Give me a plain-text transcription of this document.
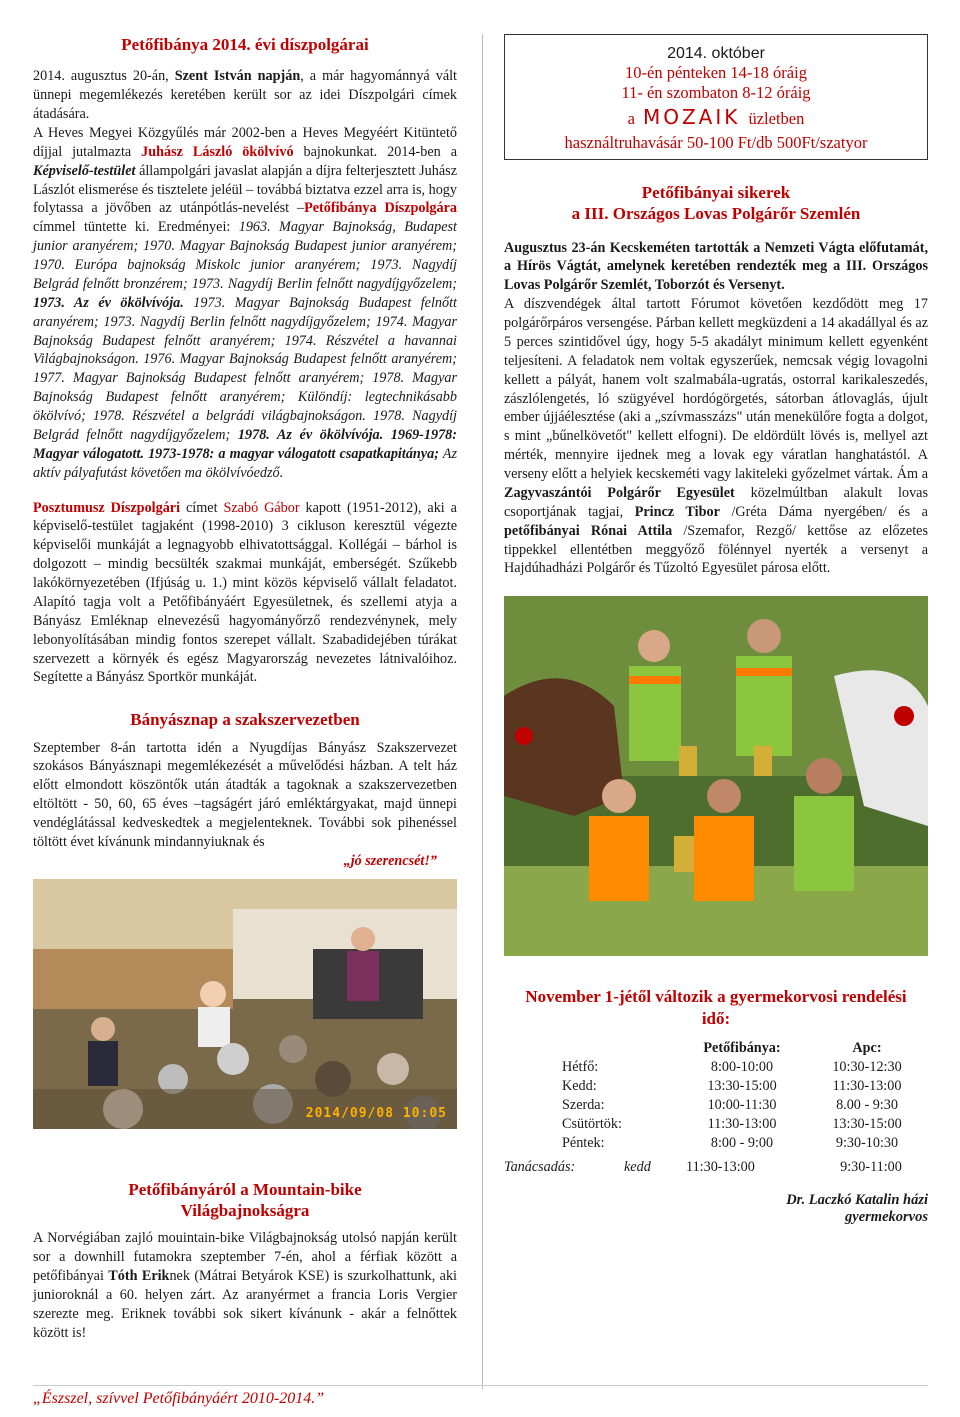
Petőfibánya 2014. évi díszpolgárai

2014. augusztus 20-án, Szent István napján, a már hagyománnyá vált ünnepi megemlékezés keretében került sor az idei Díszpolgári címek átadására.

A Heves Megyei Közgyűlés már 2002-ben a Heves Megyéért Kitüntető díjjal jutalmazta Juhász László ökölvívó bajnokunkat. 2014-ben a Képviselő-testület állampolgári javaslat alapján a díjra felterjesztett Juhász Lászlót elismerése és tisztelete jeléül – továbbá biztatva ezzel arra is, hogy folytassa a jövőben az utánpótlás-nevelést –Petőfibánya Díszpolgára címmel tüntette ki. Eredményei: 1963. Magyar Bajnokság, Budapest junior aranyérem; 1970. Magyar Bajnokság Budapest junior aranyérem; 1970. Európa bajnokság Miskolc junior aranyérem; 1973. Nagydíj Belgrád felnőtt bronzérem; 1973. Nagydíj Berlin felnőtt nagydíjgyőzelem; 1973. Az év ökölvívója. 1973. Magyar Bajnokság Budapest felnőtt aranyérem; 1973. Nagydíj Berlin felnőtt nagydíjgyőzelem; 1974. Magyar Bajnokság Budapest felnőtt aranyérem; 1974. Részvétel a havannai Világbajnokságon. 1976. Magyar Bajnokság Budapest felnőtt aranyérem; 1977. Magyar Bajnokság Budapest felnőtt aranyérem; 1978. Magyar Bajnokság Budapest felnőtt aranyérem; Különdíj: legtechnikásabb ökölvívó; 1978. Részvétel a belgrádi világbajnokságon. 1978. Nagydíj Belgrád felnőtt nagydíjgyőzelem; 1978. Az év ökölvívója. 1969-1978: Magyar válogatott. 1973-1978: a magyar válogatott csapatkapitánya; Az aktív pályafutást követően ma ökölvívóedző.

Posztumusz Díszpolgári címet Szabó Gábor kapott (1951-2012), aki a képviselő-testület tagjaként (1998-2010) 3 cikluson keresztül végezte képviselői munkáját a legnagyobb elhivatottsággal. Kollégái – bárhol is dolgozott – mindig becsülték szakmai munkáját, emberségét. Szűkebb lakókörnyezetében (Ifjúság u. 1.) mint közös képviselő vállalt feladatot. Alapító tagja volt a Petőfibányáért Egyesületnek, és szellemi atyja a Bányász Emléknap elnevezésű hagyományőrző rendezvénynek, mely lebonyolításában mindig fontos szerepet vállalt. Szabadidejében túrákat szervezett a környék és egész Magyarország nevezetes látnivalóihoz. Segítette a Bányász Sportkör munkáját.

Bányásznap a szakszervezetben

Szeptember 8-án tartotta idén a Nyugdíjas Bányász Szakszervezet szokásos Bányásznapi megemlékezését a művelődési házban. A telt ház előtt elmondott köszöntők után átadták a tagoknak a szakszervezetben eltöltött - 50, 60, 65 éves –tagságért járó emléktárgyakat, majd ünnepi vendéglátással kedveskedtek a megjelenteknek. További sok pihenéssel töltött évet kívánunk mindannyiuknak és

„jó szerencsét!”

2014/09/08 10:05
Petőfibányáról a Mountain-bike Világbajnokságra

A Norvégiában zajló mouintain-bike Világbajnokság utolsó napján került sor a downhill futamokra szeptember 7-én, ahol a férfiak között a petőfibányai Tóth Eriknek (Mátrai Betyárok KSE) is szurkolhattunk, aki junioroknál a 60. helyen zárt. Az aranyérmet a francia Loris Vergier szerezte meg. Eriknek további sok sikert kívánunk - akár a felnőttek között is!

2014. október
10-én pénteken 14-18 óráig
11- én szombaton 8-12 óráig
a MOZAIK üzletben
használtruhavásár 50-100 Ft/db 500Ft/szatyor
Petőfibányai sikerek
a III. Országos Lovas Polgárőr Szemlén

Augusztus 23-án Kecskeméten tartották a Nemzeti Vágta előfutamát, a Hírös Vágtát, amelynek keretében rendezték meg a III. Országos Lovas Polgárőr Szemlét, Toborzót és Versenyt.

A díszvendégek által tartott Fórumot követően kezdődött meg 17 polgárőrpáros versengése. Párban kellett megküzdeni a 14 akadállyal és az 5 perces szintidővel úgy, hogy 5-5 akadályt minimum kellett egyenként teljesíteni. A feladatok nem voltak egyszerűek, nemcsak végig lovagolni kellett a pályát, hanem volt szalmabála-ugratás, ostorral karikaleszedés, zászlólengetés, ló szügyével hordógörgetés, sátorban átlovaglás, újult ember újjáélesztése (aki a „szívmasszázs" után menekülőre fogta a dolgot, s mint „bűnelkövetőt" kellett elfogni). De eldördült lövés is, mellyel azt mérték, mennyire ijednek meg a lovak egy váratlan hanghatástól. A verseny előtt a helyiek kecskeméti vagy lakiteleki győzelmet vártak. Ám a Zagyvaszántói Polgárőr Egyesület közelmúltban alakult lovas csoportjának tagjai, Princz Tibor /Gréta Dáma nyergében/ és a petőfibányai Rónai Attila /Szemafor, Rezgő/ kettőse az előzetes tippekkel ellentétben meggyőző fölénnyel nyerték a versenyt a Hajdúhadházi Polgárőr és Tűzoltó Egyesület párosa előtt.

November 1-jétől változik a gyermekorvosi rendelési idő:
	Petőfibánya:	Apc:
Hétfő:	8:00-10:00	10:30-12:30
Kedd:	13:30-15:00	11:30-13:00
Szerda:	10:00-11:30	8.00 - 9:30
Csütörtök:	11:30-13:00	13:30-15:00
Péntek:	8:00 - 9:00	9:30-10:30
Tanácsadás:	kedd	11:30-13:00	9:30-11:00
Dr. Laczkó Katalin házi
gyermekorvos
„Észszel, szívvel Petőfibányáért 2010-2014.”
